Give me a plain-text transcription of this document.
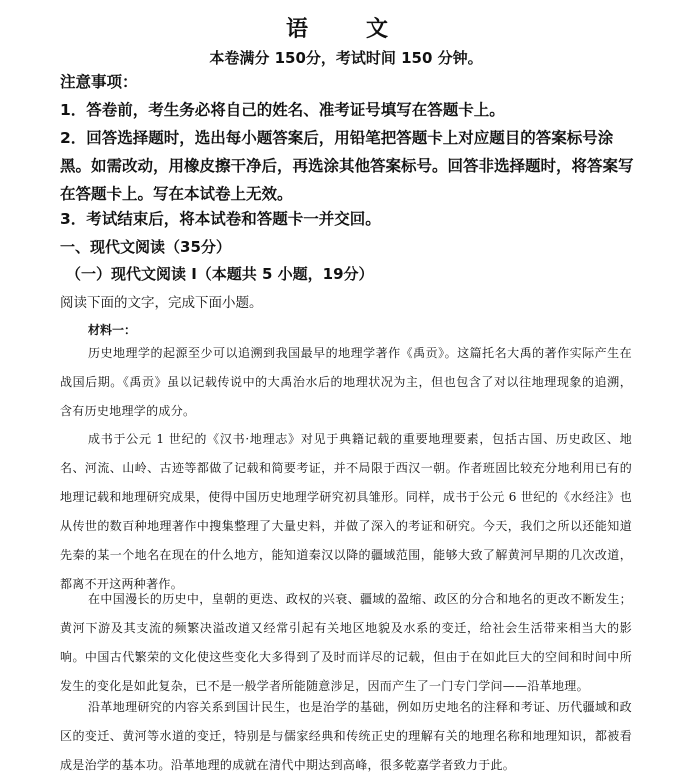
语　文
本卷满分 150分，考试时间 150 分钟。
注意事项：
1．答卷前，考生务必将自己的姓名、准考证号填写在答题卡上。
2．回答选择题时，选出每小题答案后，用铅笔把答题卡上对应题目的答案标号涂黑。如需改动，用橡皮擦干净后，再选涂其他答案标号。回答非选择题时，将答案写在答题卡上。写在本试卷上无效。
3．考试结束后，将本试卷和答题卡一并交回。
一、现代文阅读（35分）
（一）现代文阅读 I（本题共 5 小题，19分）
阅读下面的文字，完成下面小题。
材料一：
历史地理学的起源至少可以追溯到我国最早的地理学著作《禹贡》。这篇托名大禹的著作实际产生在战国后期。《禹贡》虽以记载传说中的大禹治水后的地理状况为主，但也包含了对以往地理现象的追溯，含有历史地理学的成分。
成书于公元 1 世纪的《汉书·地理志》对见于典籍记载的重要地理要素，包括古国、历史政区、地名、河流、山岭、古迹等都做了记载和简要考证，并不局限于西汉一朝。作者班固比较充分地利用已有的地理记载和地理研究成果，使得中国历史地理学研究初具雏形。同样，成书于公元 6 世纪的《水经注》也从传世的数百种地理著作中搜集整理了大量史料，并做了深入的考证和研究。今天，我们之所以还能知道先秦的某一个地名在现在的什么地方，能知道秦汉以降的疆域范围，能够大致了解黄河早期的几次改道，都离不开这两种著作。
在中国漫长的历史中，皇朝的更迭、政权的兴衰、疆域的盈缩、政区的分合和地名的更改不断发生；黄河下游及其支流的频繁决溢改道又经常引起有关地区地貌及水系的变迁，给社会生活带来相当大的影响。中国古代繁荣的文化使这些变化大多得到了及时而详尽的记载，但由于在如此巨大的空间和时间中所发生的变化是如此复杂，已不是一般学者所能随意涉足，因而产生了一门专门学问——沿革地理。
沿革地理研究的内容关系到国计民生，也是治学的基础，例如历史地名的注释和考证、历代疆域和政区的变迁、黄河等水道的变迁，特别是与儒家经典和传统正史的理解有关的地理名称和地理知识，都被看成是治学的基本功。沿革地理的成就在清代中期达到高峰，很多乾嘉学者致力于此。
